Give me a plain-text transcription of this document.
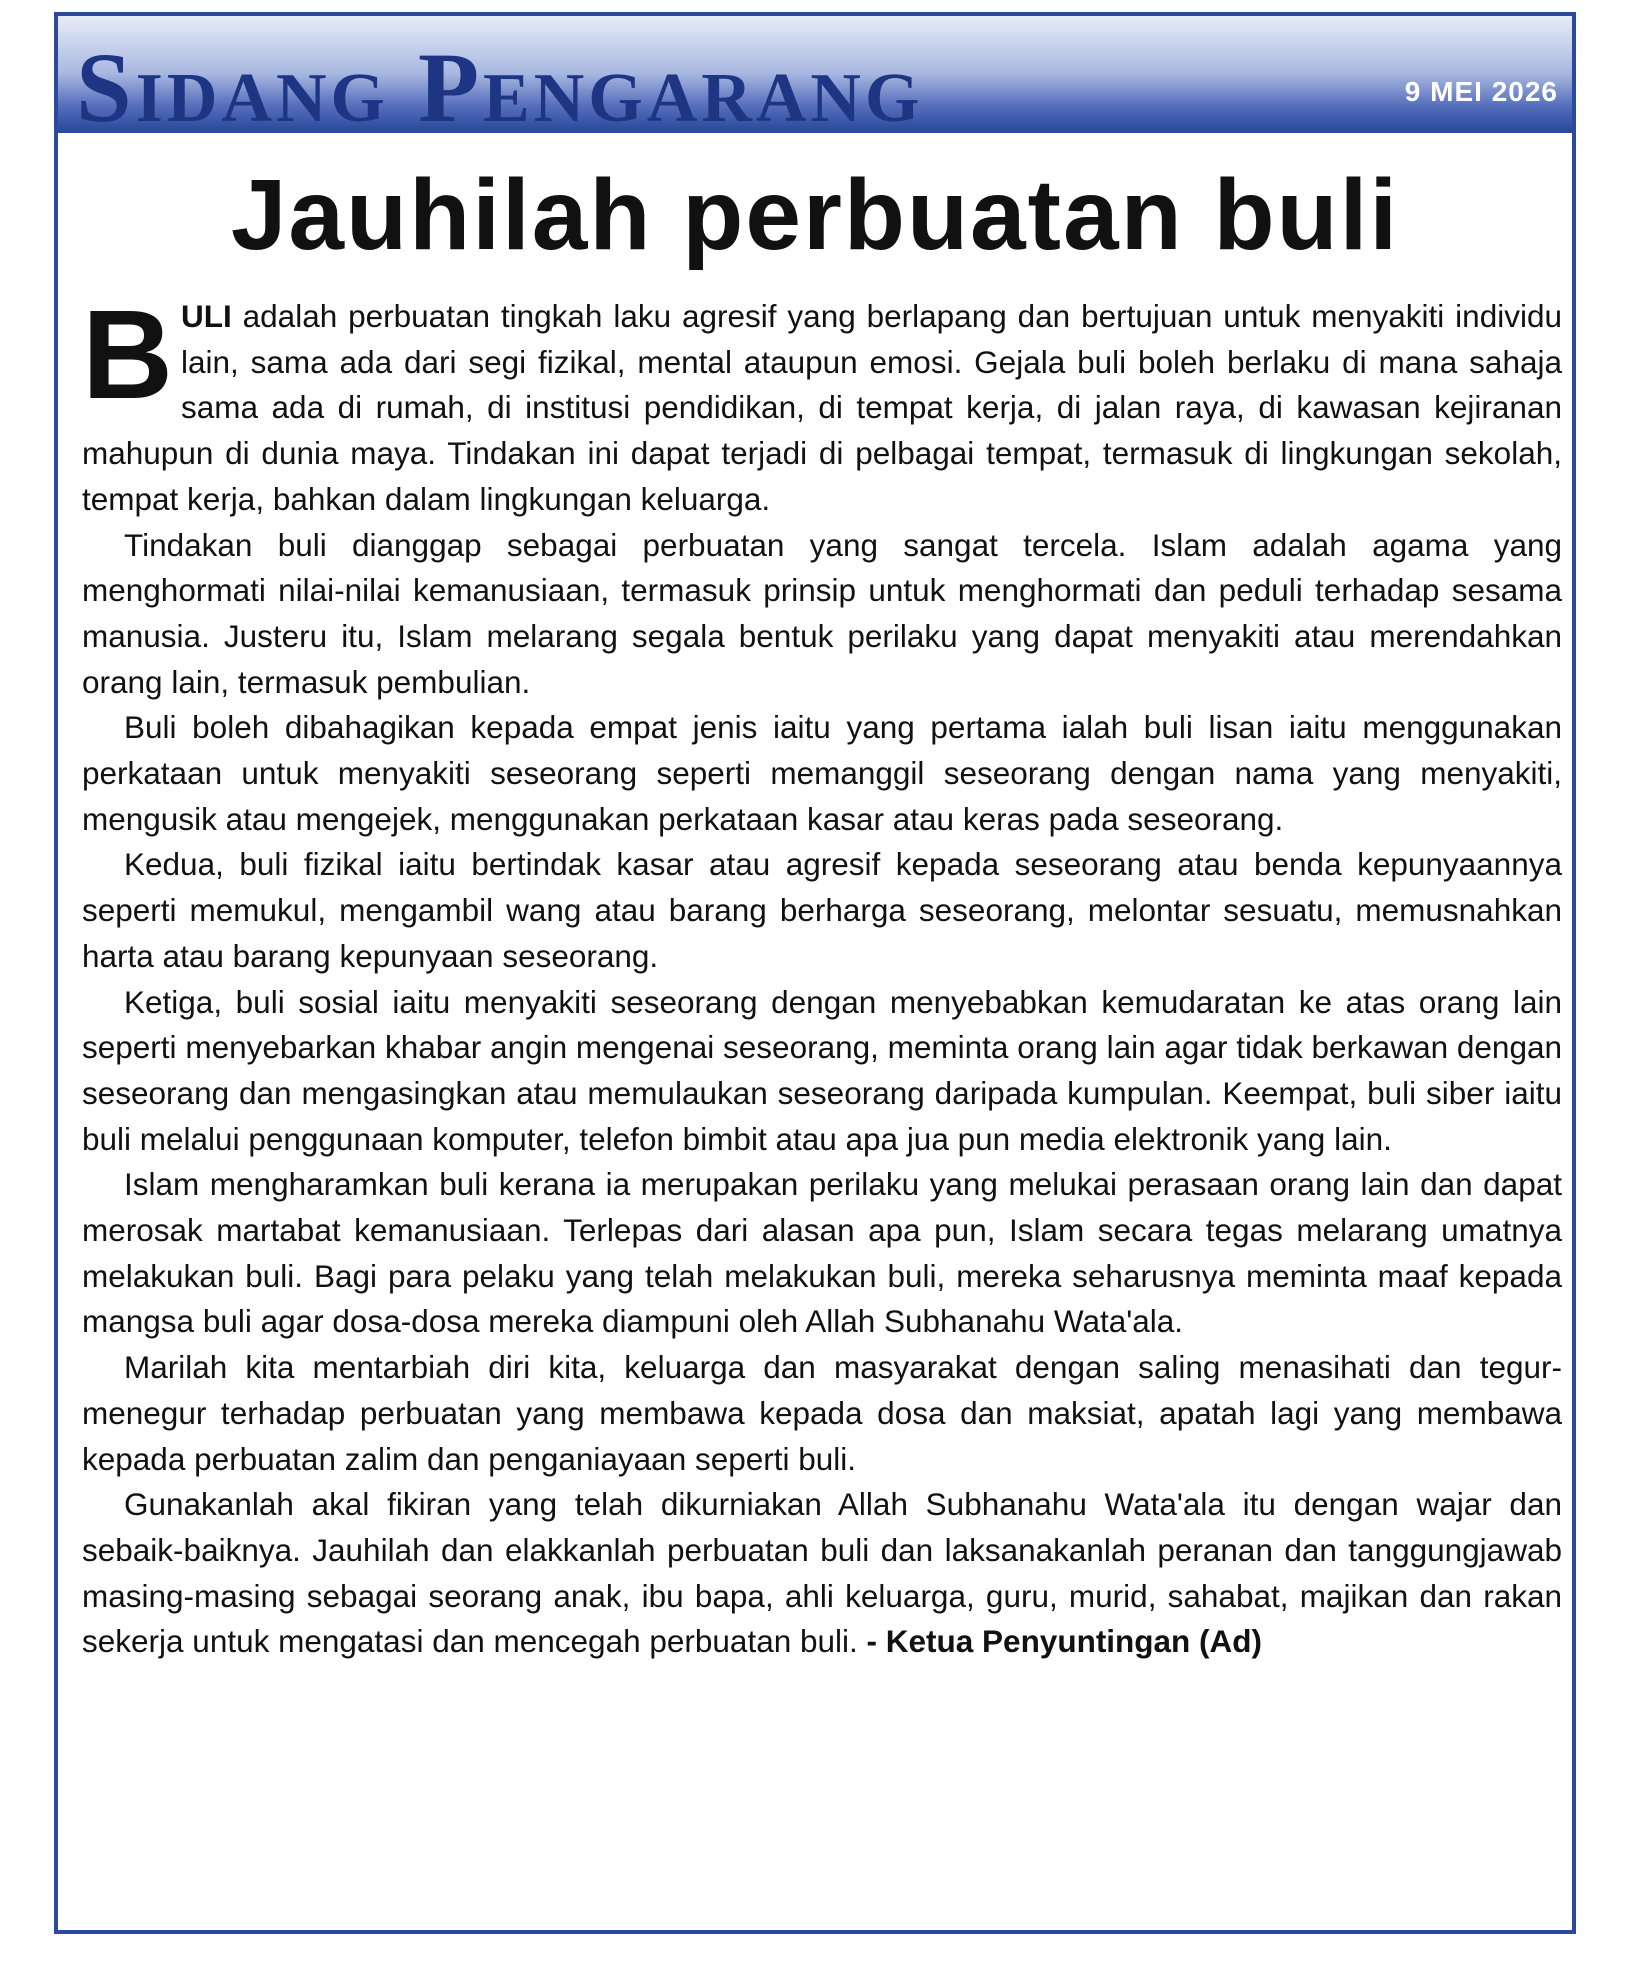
Sidang Pengarang	9 MEI 2026
Jauhilah perbuatan buli

BULI adalah perbuatan tingkah laku agresif yang berlapang dan bertujuan untuk menyakiti individu lain, sama ada dari segi fizikal, mental ataupun emosi. Gejala buli boleh berlaku di mana sahaja sama ada di rumah, di institusi pendidikan, di tempat kerja, di jalan raya, di kawasan kejiranan mahupun di dunia maya. Tindakan ini dapat terjadi di pelbagai tempat, termasuk di lingkungan sekolah, tempat kerja, bahkan dalam lingkungan keluarga.

Tindakan buli dianggap sebagai perbuatan yang sangat tercela. Islam adalah agama yang menghormati nilai-nilai kemanusiaan, termasuk prinsip untuk menghormati dan peduli terhadap sesama manusia. Justeru itu, Islam melarang segala bentuk perilaku yang dapat menyakiti atau merendahkan orang lain, termasuk pembulian.

Buli boleh dibahagikan kepada empat jenis iaitu yang pertama ialah buli lisan iaitu menggunakan perkataan untuk menyakiti seseorang seperti memanggil seseorang dengan nama yang menyakiti, mengusik atau mengejek, menggunakan perkataan kasar atau keras pada seseorang.

Kedua, buli fizikal iaitu bertindak kasar atau agresif kepada seseorang atau benda kepunyaannya seperti memukul, mengambil wang atau barang berharga seseorang, melontar sesuatu, memusnahkan harta atau barang kepunyaan seseorang.

Ketiga, buli sosial iaitu menyakiti seseorang dengan menyebabkan kemudaratan ke atas orang lain seperti menyebarkan khabar angin mengenai seseorang, meminta orang lain agar tidak berkawan dengan seseorang dan mengasingkan atau memulaukan seseorang daripada kumpulan. Keempat, buli siber iaitu buli melalui penggunaan komputer, telefon bimbit atau apa jua pun media elektronik yang lain.

Islam mengharamkan buli kerana ia merupakan perilaku yang melukai perasaan orang lain dan dapat merosak martabat kemanusiaan. Terlepas dari alasan apa pun, Islam secara tegas melarang umatnya melakukan buli. Bagi para pelaku yang telah melakukan buli, mereka seharusnya meminta maaf kepada mangsa buli agar dosa-dosa mereka diampuni oleh Allah Subhanahu Wata'ala.

Marilah kita mentarbiah diri kita, keluarga dan masyarakat dengan saling menasihati dan tegur-menegur terhadap perbuatan yang membawa kepada dosa dan maksiat, apatah lagi yang membawa kepada perbuatan zalim dan penganiayaan seperti buli.

Gunakanlah akal fikiran yang telah dikurniakan Allah Subhanahu Wata'ala itu dengan wajar dan sebaik-baiknya. Jauhilah dan elakkanlah perbuatan buli dan laksanakanlah peranan dan tanggungjawab masing-masing sebagai seorang anak, ibu bapa, ahli keluarga, guru, murid, sahabat, majikan dan rakan sekerja untuk mengatasi dan mencegah perbuatan buli. - Ketua Penyuntingan (Ad)
